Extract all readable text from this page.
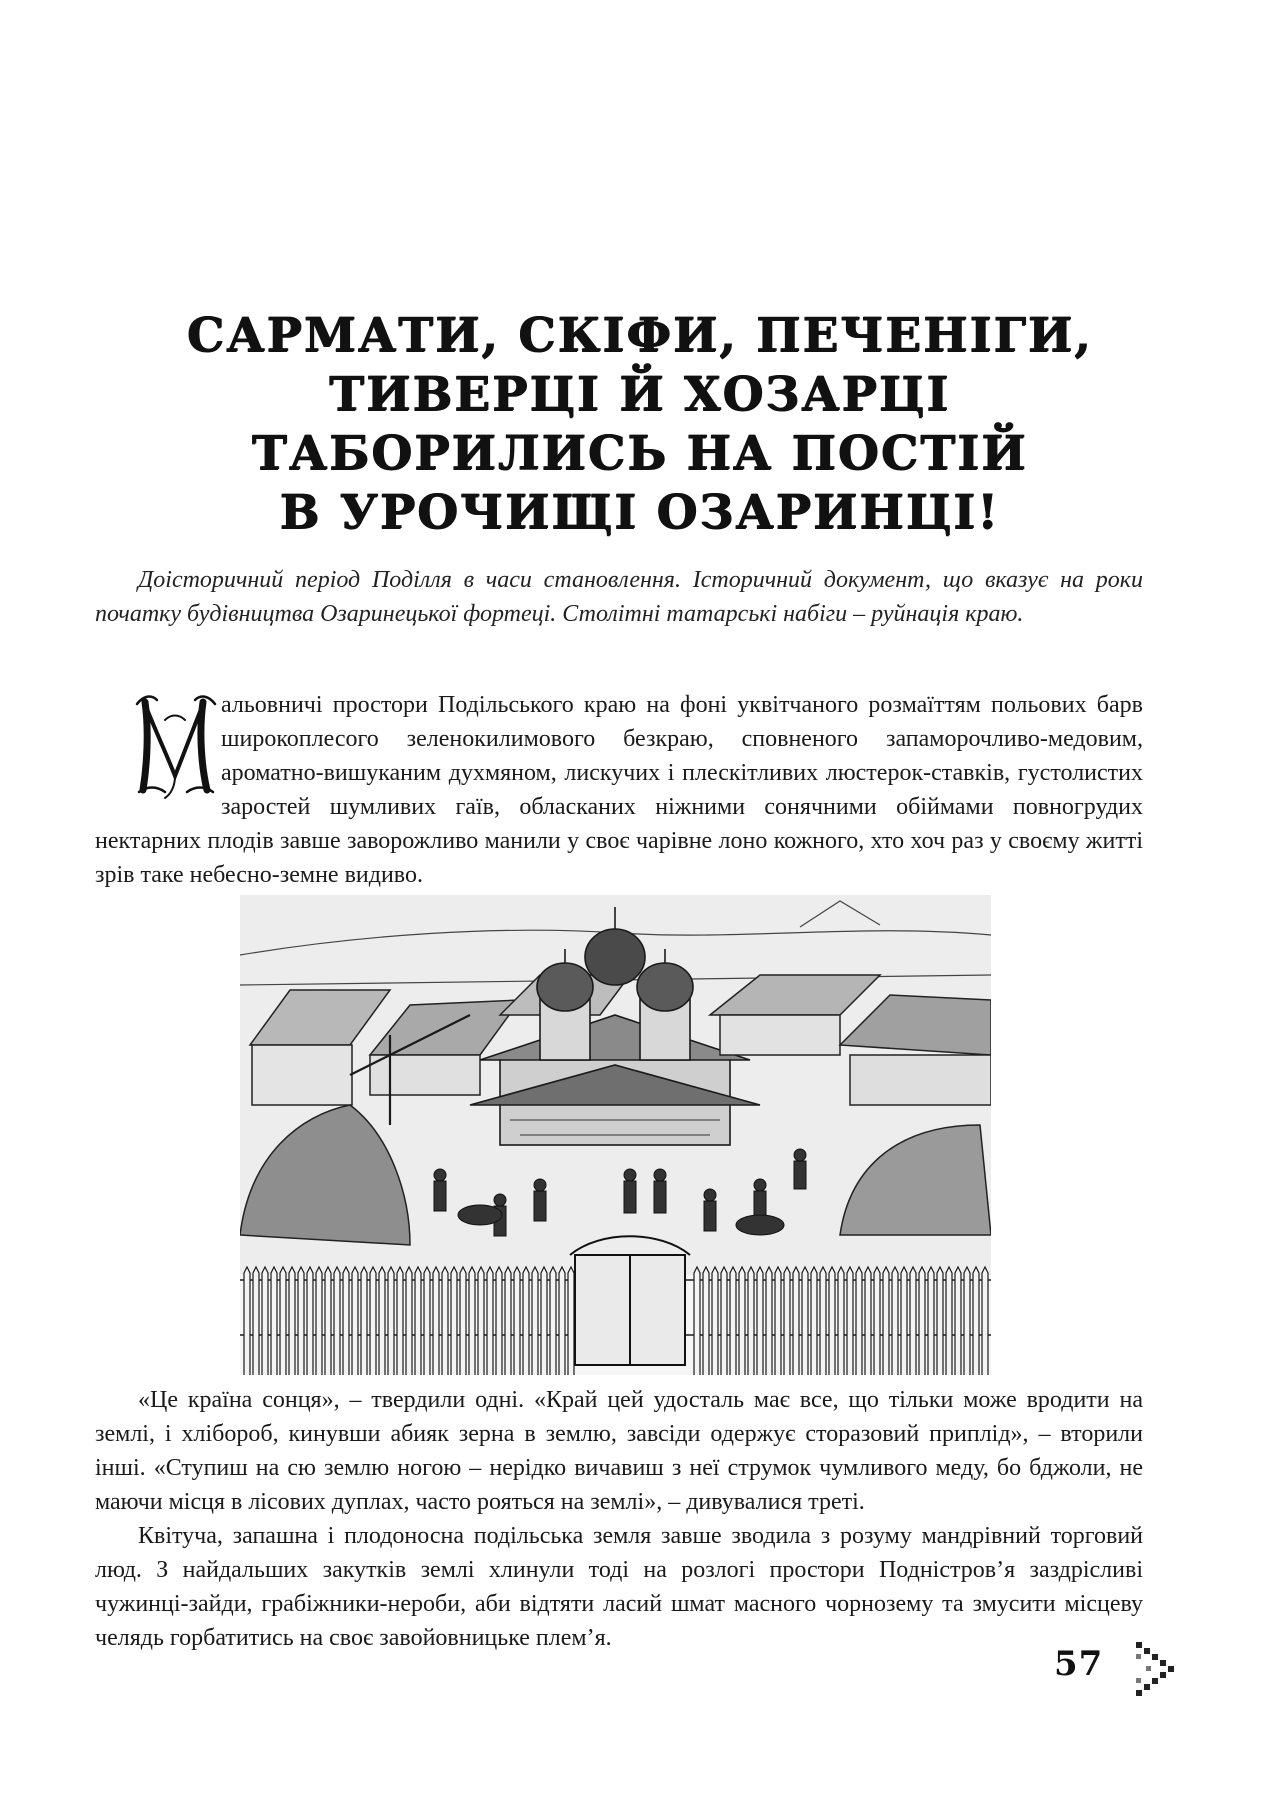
САРМАТИ, СКІФИ, ПЕЧЕНІГИ,
ТИВЕРЦІ Й ХОЗАРЦІ
ТАБОРИЛИСЬ НА ПОСТІЙ
В УРОЧИЩІ ОЗАРИНЦІ!
Доісторичний період Поділля в часи становлення. Історичний документ, що вказує на роки початку будівництва Озаринецької фортеці. Столітні татарські набіги – руйнація краю.
альовничі простори Подільського краю на фоні уквітчаного розмаїттям польових барв широкоплесого зеленокилимового безкраю, сповненого запаморочливо-медовим, ароматно-вишуканим духмяном, лискучих і плескітливих люстерок-ставків, густолистих заростей шумливих гаїв, обласканих ніжними сонячними обіймами повногрудих нектарних плодів завше заворожливо манили у своє чарівне лоно кожного, хто хоч раз у своєму житті зрів таке небесно-земне видиво.

«Це країна сонця», – твердили одні. «Край цей удосталь має все, що тільки може вродити на землі, і хлібороб, кинувши абияк зерна в землю, завсіди одержує сторазовий приплід», – вторили інші. «Ступиш на сю землю ногою – нерідко вичавиш з неї струмок чумливого меду, бо бджоли, не маючи місця в лісових дуплах, часто рояться на землі», – дивувалися треті.

Квітуча, запашна і плодоносна подільська земля завше зводила з розуму мандрівний торговий люд. З найдальших закутків землі хлинули тоді на розлогі простори Подністров’я заздрісливі чужинці-зайди, грабіжники-нероби, аби відтяти ласий шмат масного чорнозему та змусити місцеву челядь горбатитись на своє завойовницьке плем’я.

57
